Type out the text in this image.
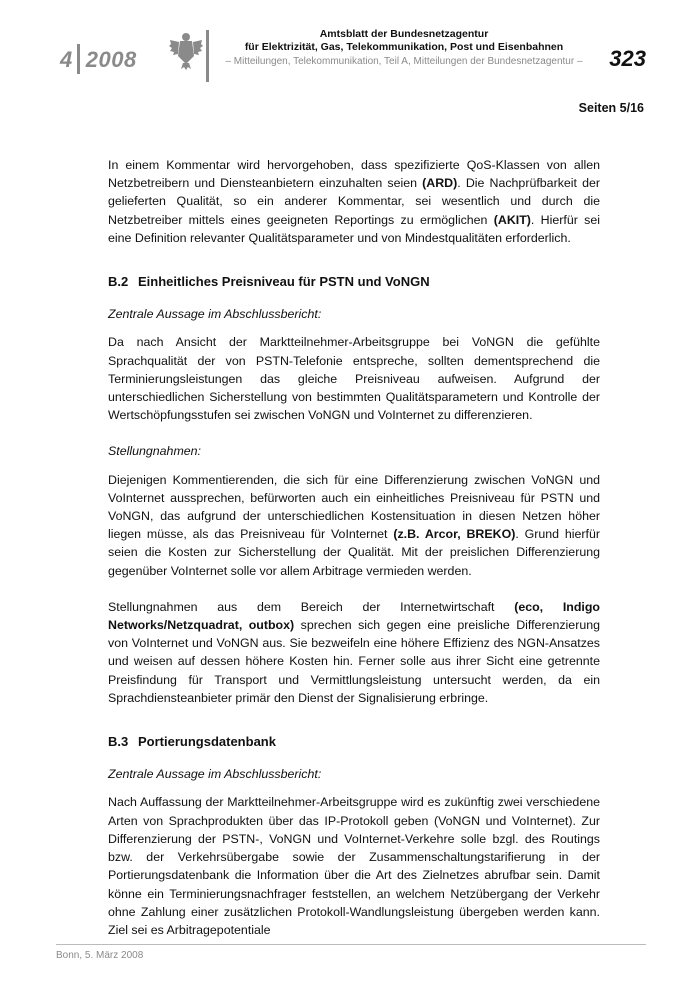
4 2008
Amtsblatt der Bundesnetzagentur
für Elektrizität, Gas, Telekommunikation, Post und Eisenbahnen
– Mitteilungen, Telekommunikation, Teil A, Mitteilungen der Bundesnetzagentur –	323
Seiten 5/16

In einem Kommentar wird hervorgehoben, dass spezifizierte QoS-Klassen von allen Netzbetreibern und Diensteanbietern einzuhalten seien (ARD). Die Nachprüfbarkeit der gelieferten Qualität, so ein anderer Kommentar, sei wesentlich und durch die Netzbetreiber mittels eines geeigneten Reportings zu ermöglichen (AKIT). Hierfür sei eine Definition relevanter Qualitätsparameter und von Mindestqualitäten erforderlich.

B.2 Einheitliches Preisniveau für PSTN und VoNGN

Zentrale Aussage im Abschlussbericht:

Da nach Ansicht der Marktteilnehmer-Arbeitsgruppe bei VoNGN die gefühlte Sprachqualität der von PSTN-Telefonie entspreche, sollten dementsprechend die Terminierungsleistungen das gleiche Preisniveau aufweisen. Aufgrund der unterschiedlichen Sicherstellung von bestimmten Qualitätsparametern und Kontrolle der Wertschöpfungsstufen sei zwischen VoNGN und VoInternet zu differenzieren.

Stellungnahmen:

Diejenigen Kommentierenden, die sich für eine Differenzierung zwischen VoNGN und VoInternet aussprechen, befürworten auch ein einheitliches Preisniveau für PSTN und VoNGN, das aufgrund der unterschiedlichen Kostensituation in diesen Netzen höher liegen müsse, als das Preisniveau für VoInternet (z.B. Arcor, BREKO). Grund hierfür seien die Kosten zur Sicherstellung der Qualität. Mit der preislichen Differenzierung gegenüber VoInternet solle vor allem Arbitrage vermieden werden.

Stellungnahmen aus dem Bereich der Internetwirtschaft (eco, Indigo Networks/Netzquadrat, outbox) sprechen sich gegen eine preisliche Differenzierung von VoInternet und VoNGN aus. Sie bezweifeln eine höhere Effizienz des NGN-Ansatzes und weisen auf dessen höhere Kosten hin. Ferner solle aus ihrer Sicht eine getrennte Preisfindung für Transport und Vermittlungsleistung untersucht werden, da ein Sprachdiensteanbieter primär den Dienst der Signalisierung erbringe.

B.3 Portierungsdatenbank

Zentrale Aussage im Abschlussbericht:

Nach Auffassung der Marktteilnehmer-Arbeitsgruppe wird es zukünftig zwei verschiedene Arten von Sprachprodukten über das IP-Protokoll geben (VoNGN und VoInternet). Zur Differenzierung der PSTN-, VoNGN und VoInternet-Verkehre solle bzgl. des Routings bzw. der Verkehrsübergabe sowie der Zusammenschaltungstarifierung in der Portierungsdatenbank die Information über die Art des Zielnetzes abrufbar sein. Damit könne ein Terminierungsnachfrager feststellen, an welchem Netzübergang der Verkehr ohne Zahlung einer zusätzlichen Protokoll-Wandlungsleistung übergeben werden kann. Ziel sei es Arbitragepotentiale

Bonn, 5. März 2008
